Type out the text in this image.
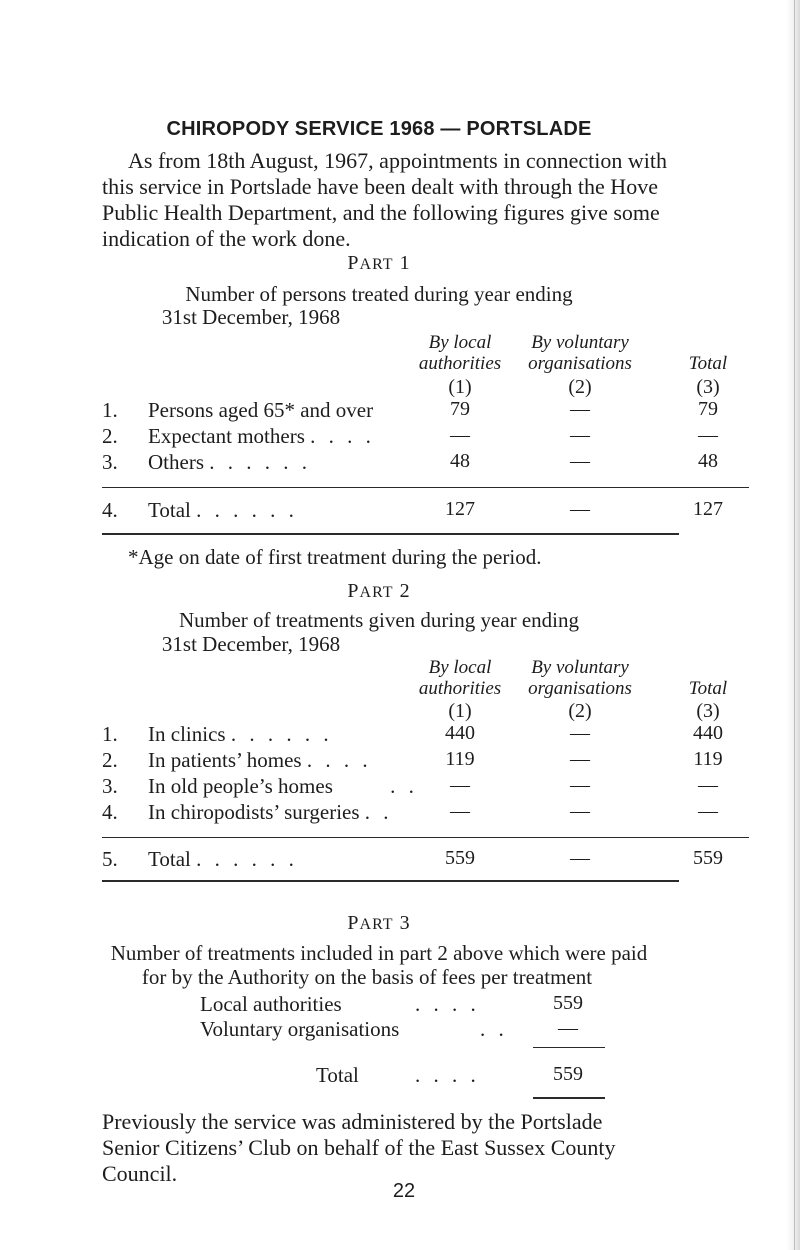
CHIROPODY SERVICE 1968 — PORTSLADE
As from 18th August, 1967, appointments in connection with
this service in Portslade have been dealt with through the Hove
Public Health Department, and the following figures give some
indication of the work done.
PART 1
Number of persons treated during year ending
31st December, 1968
By local
authorities
By voluntary
organisations	Total
(1)	(2)	(3)
1. Persons aged 65* and over	79	—	79
2. Expectant mothers . . . .	—	—	—
3. Others . . . . . .	48	—	48
4. Total . . . . . .	127	—	127
*Age on date of first treatment during the period.
PART 2
Number of treatments given during year ending
31st December, 1968
By local
authorities
By voluntary
organisations	Total
(1)	(2)	(3)
1. In clinics . . . . . .	440	—	440
2. In patients’ homes . . . .	119	—	119
3. In old people’s homes	. .	—	—	—
4. In chiropodists’ surgeries . .	—	—	—
5. Total . . . . . .	559	—	559
PART 3
Number of treatments included in part 2 above which were paid
for by the Authority on the basis of fees per treatment
Local authorities	. . . .	559
Voluntary organisations	. .	—
Total	. . . .	559
Previously the service was administered by the Portslade
Senior Citizens’ Club on behalf of the East Sussex County
Council.
22
